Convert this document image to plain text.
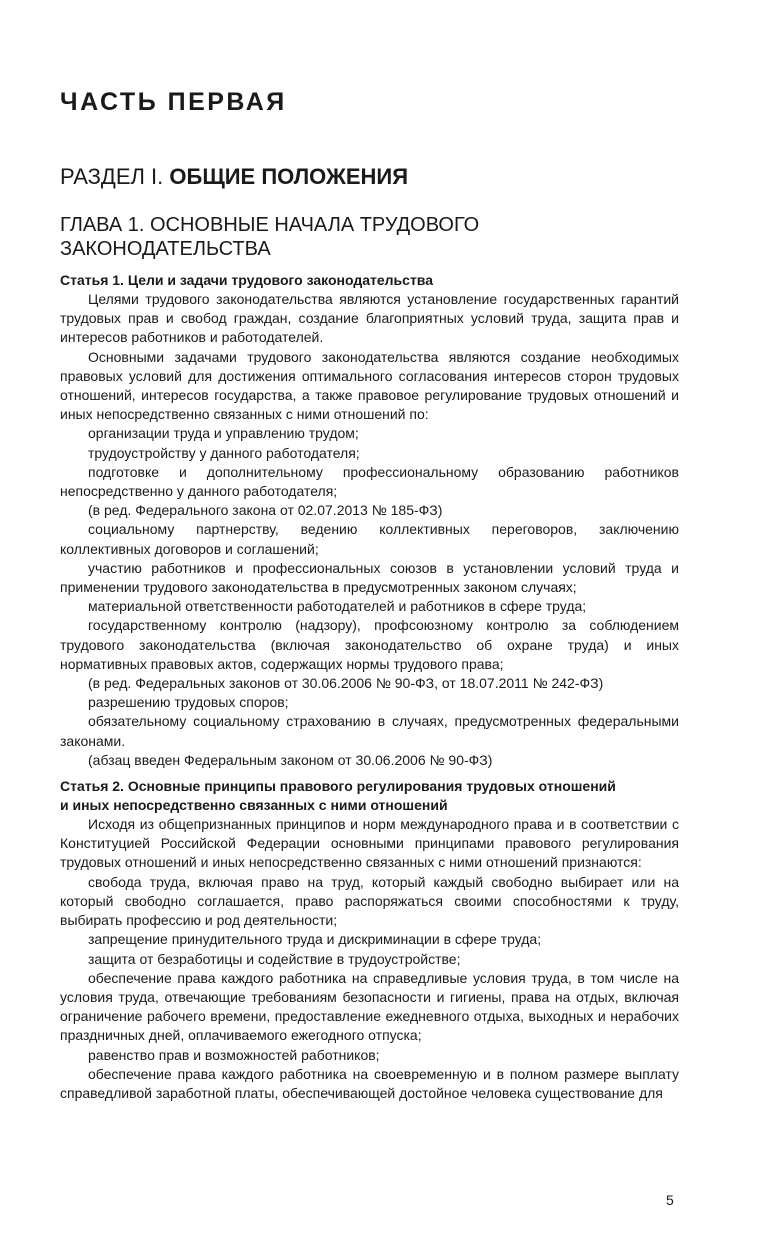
ЧАСТЬ ПЕРВАЯ
РАЗДЕЛ I. ОБЩИЕ ПОЛОЖЕНИЯ
ГЛАВА 1. ОСНОВНЫЕ НАЧАЛА ТРУДОВОГО ЗАКОНОДАТЕЛЬСТВА
Статья 1. Цели и задачи трудового законодательства

Целями трудового законодательства являются установление государственных гарантий трудовых прав и свобод граждан, создание благоприятных условий труда, защита прав и интересов работников и работодателей.

Основными задачами трудового законодательства являются создание необходимых правовых условий для достижения оптимального согласования интересов сторон трудовых отношений, интересов государства, а также правовое регулирование трудовых отношений и иных непосредственно связанных с ними отношений по:

организации труда и управлению трудом;

трудоустройству у данного работодателя;

подготовке и дополнительному профессиональному образованию работников непосредственно у данного работодателя;

(в ред. Федерального закона от 02.07.2013 № 185-ФЗ)

социальному партнерству, ведению коллективных переговоров, заключению коллективных договоров и соглашений;

участию работников и профессиональных союзов в установлении условий труда и применении трудового законодательства в предусмотренных законом случаях;

материальной ответственности работодателей и работников в сфере труда;

государственному контролю (надзору), профсоюзному контролю за соблюдением трудового законодательства (включая законодательство об охране труда) и иных нормативных правовых актов, содержащих нормы трудового права;

(в ред. Федеральных законов от 30.06.2006 № 90-ФЗ, от 18.07.2011 № 242-ФЗ)

разрешению трудовых споров;

обязательному социальному страхованию в случаях, предусмотренных федеральными законами.

(абзац введен Федеральным законом от 30.06.2006 № 90-ФЗ)

Статья 2. Основные принципы правового регулирования трудовых отношений
и иных непосредственно связанных с ними отношений

Исходя из общепризнанных принципов и норм международного права и в соответствии с Конституцией Российской Федерации основными принципами правового регулирования трудовых отношений и иных непосредственно связанных с ними отношений признаются:

свобода труда, включая право на труд, который каждый свободно выбирает или на который свободно соглашается, право распоряжаться своими способностями к труду, выбирать профессию и род деятельности;

запрещение принудительного труда и дискриминации в сфере труда;

защита от безработицы и содействие в трудоустройстве;

обеспечение права каждого работника на справедливые условия труда, в том числе на условия труда, отвечающие требованиям безопасности и гигиены, права на отдых, включая ограничение рабочего времени, предоставление ежедневного отдыха, выходных и нерабочих праздничных дней, оплачиваемого ежегодного отпуска;

равенство прав и возможностей работников;

обеспечение права каждого работника на своевременную и в полном размере выплату справедливой заработной платы, обеспечивающей достойное человека существование для

5
